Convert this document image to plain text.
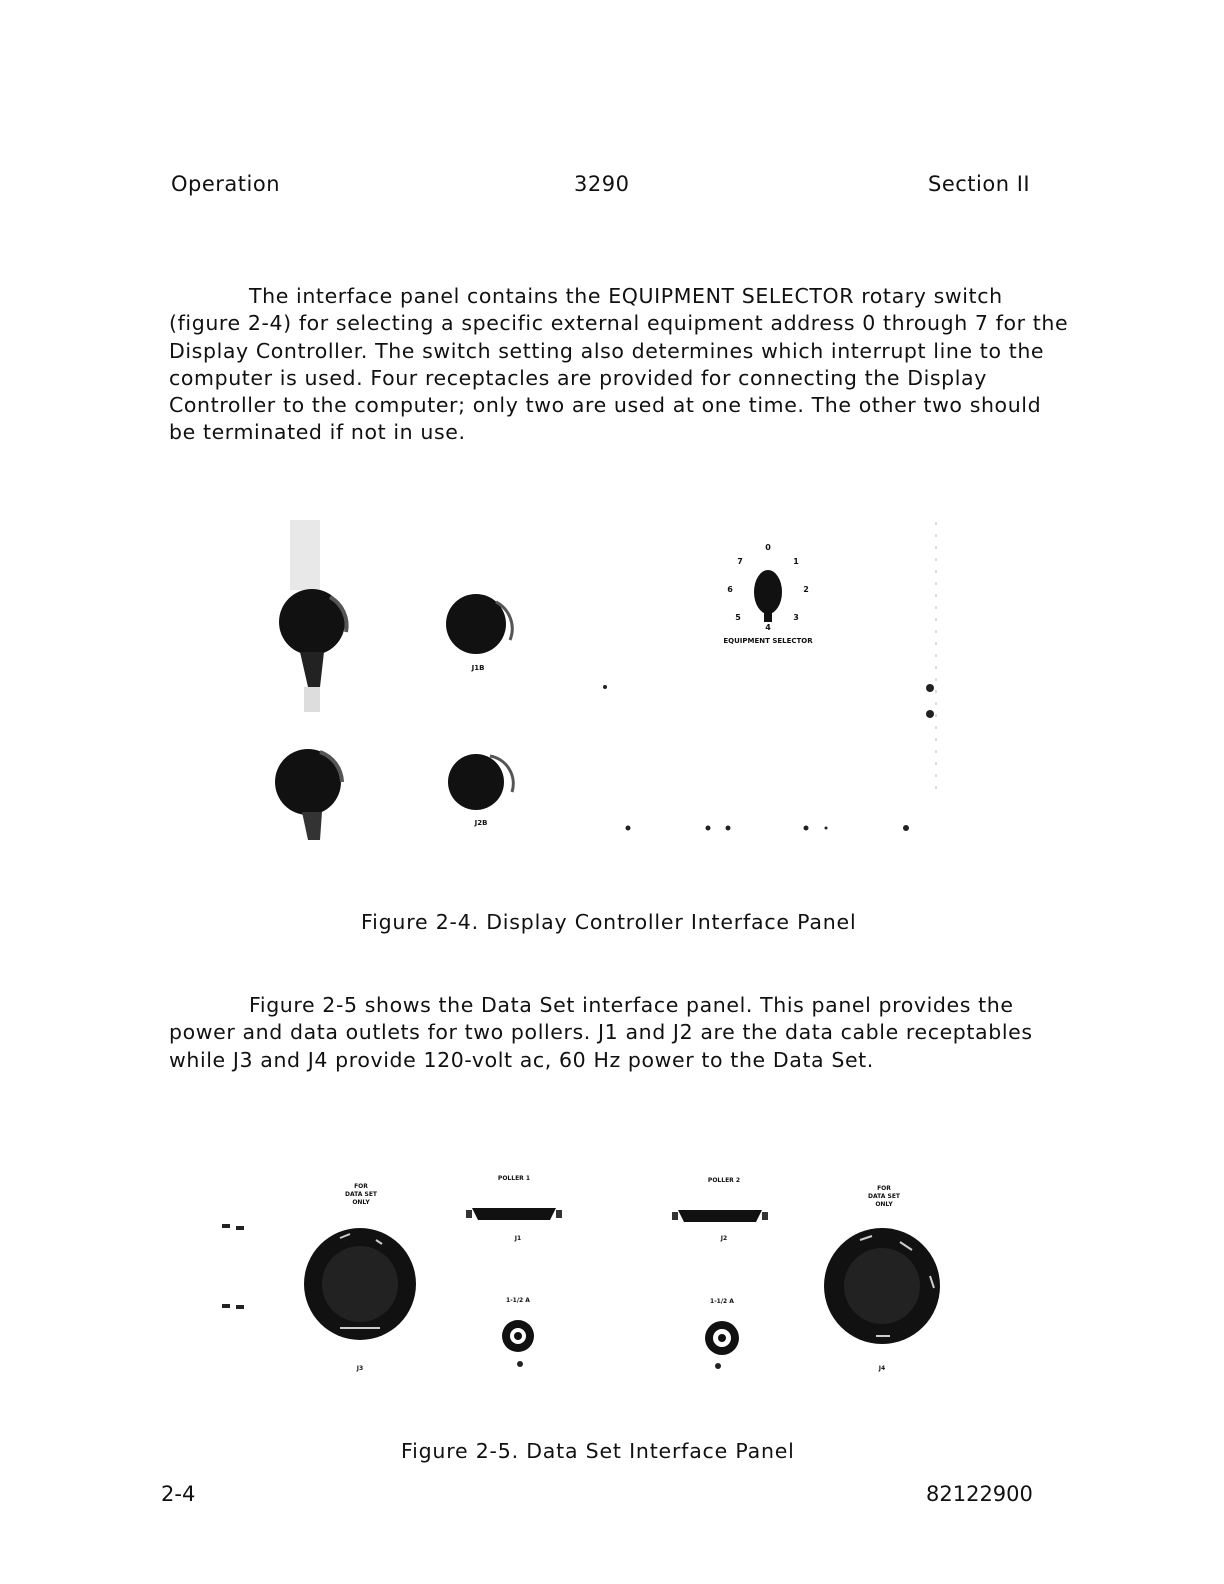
Operation	3290	Section II

The interface panel contains the EQUIPMENT SELECTOR rotary switch (figure 2-4) for selecting a specific external equipment address 0 through 7 for the Display Controller. The switch setting also determines which interrupt line to the computer is used. Four receptacles are provided for connecting the Display Controller to the computer; only two are used at one time. The other two should be terminated if not in use.

J1B
J2B
0
1
2
3
4
5
6
7
EQUIPMENT SELECTOR
Figure 2-4. Display Controller Interface Panel

Figure 2-5 shows the Data Set interface panel. This panel provides the power and data outlets for two pollers. J1 and J2 are the data cable receptables while J3 and J4 provide 120-volt ac, 60 Hz power to the Data Set.

FOR
DATA SET
ONLY
J3
POLLER 1
J1
1-1/2 A
POLLER 2
J2
1-1/2 A
FOR
DATA SET
ONLY
J4
Figure 2-5. Data Set Interface Panel
2-4	82122900
